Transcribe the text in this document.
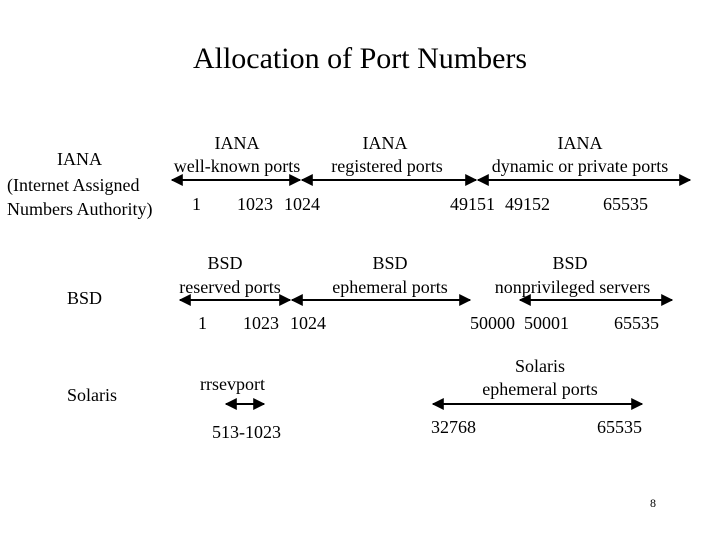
Allocation of Port Numbers
IANA
(Internet Assigned
Numbers Authority)
IANA
well-known ports
IANA
registered ports
IANA
dynamic or private ports
1 1023 1024	49151 49152	65535
BSD
BSD
reserved ports
BSD
ephemeral ports
BSD
nonprivileged servers
1 1023 1024	50000 50001	65535
Solaris
rrsevport
513-1023
Solaris
ephemeral ports
32768	65535
8
